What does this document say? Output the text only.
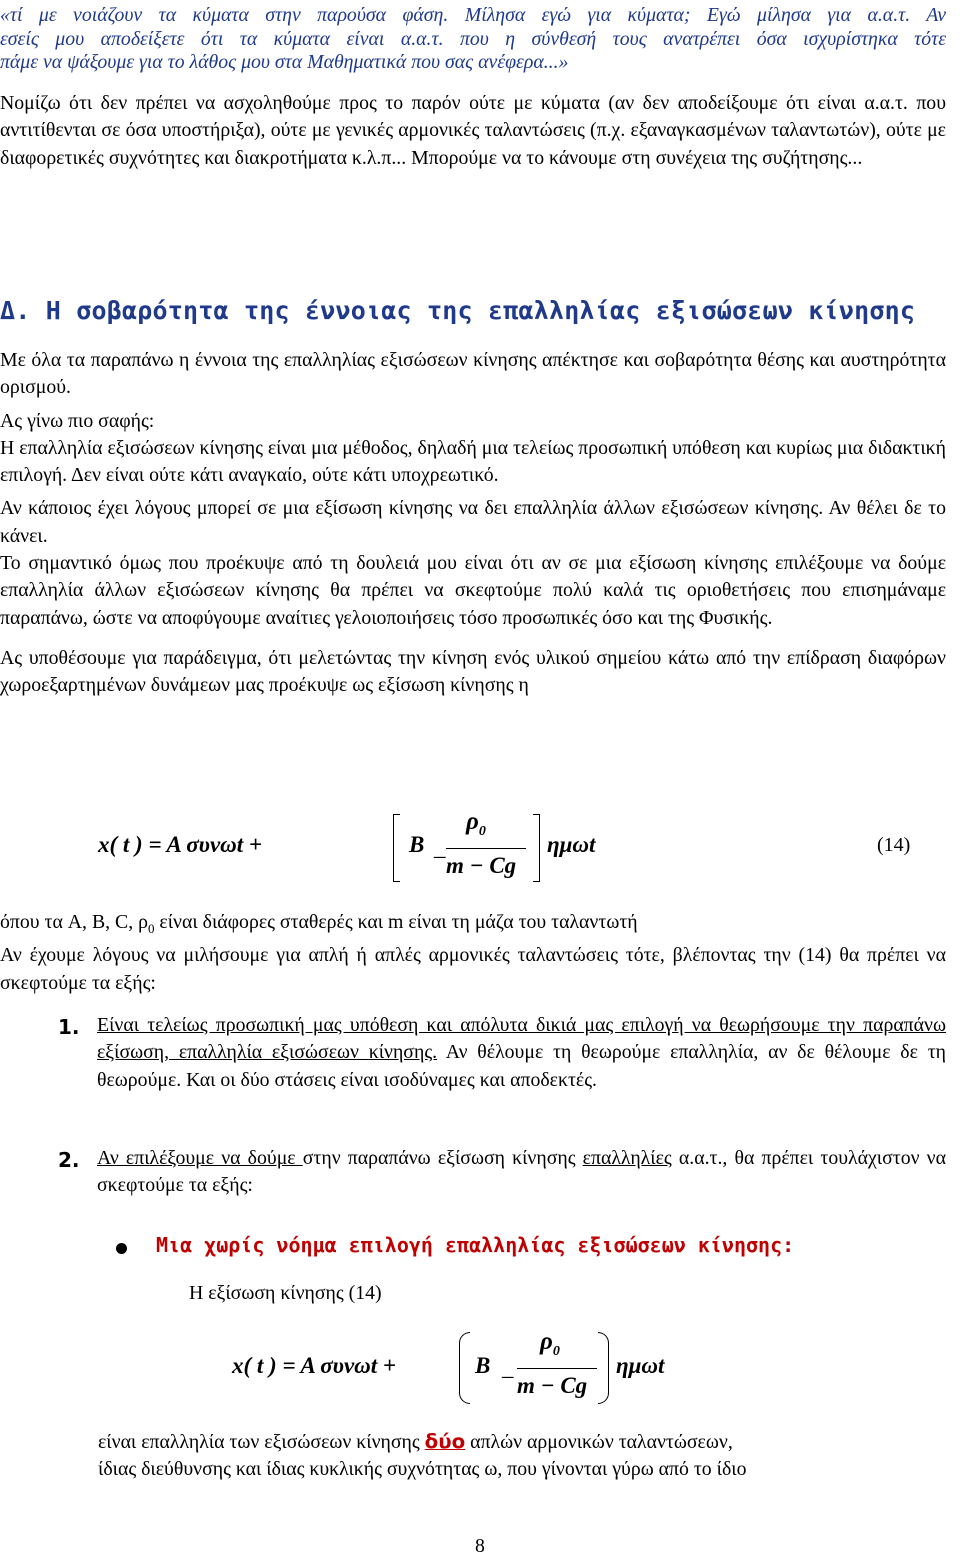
«τί με νοιάζουν τα κύματα στην παρούσα φάση. Μίλησα εγώ για κύματα; Εγώ μίλησα για α.α.τ. Αν

εσείς μου αποδείξετε ότι τα κύματα είναι α.α.τ. που η σύνθεσή τους ανατρέπει όσα ισχυρίστηκα τότε

πάμε να ψάξουμε για το λάθος μου στα Μαθηματικά που σας ανέφερα...»

Νομίζω ότι δεν πρέπει να ασχοληθούμε προς το παρόν ούτε με κύματα (αν δεν αποδείξουμε ότι είναι α.α.τ. που αντιτίθενται σε όσα υποστήριξα), ούτε με γενικές αρμονικές ταλαντώσεις (π.χ. εξαναγκασμένων ταλαντωτών), ούτε με διαφορετικές συχνότητες και διακροτήματα κ.λ.π... Μπορούμε να το κάνουμε στη συνέχεια της συζήτησης...

Δ. Η σοβαρότητα της έννοιας της επαλληλίας εξισώσεων κίνησης

Με όλα τα παραπάνω η έννοια της επαλληλίας εξισώσεων κίνησης απέκτησε και σοβαρότητα θέσης και αυστηρότητα ορισμού.

Ας γίνω πιο σαφής:

Η επαλληλία εξισώσεων κίνησης είναι μια μέθοδος, δηλαδή μια τελείως προσωπική υπόθεση και κυρίως μια διδακτική επιλογή. Δεν είναι ούτε κάτι αναγκαίο, ούτε κάτι υποχρεωτικό.

Αν κάποιος έχει λόγους μπορεί σε μια εξίσωση κίνησης να δει επαλληλία άλλων εξισώσεων κίνησης. Αν θέλει δε το κάνει.

Το σημαντικό όμως που προέκυψε από τη δουλειά μου είναι ότι αν σε μια εξίσωση κίνησης επιλέξουμε να δούμε επαλληλία άλλων εξισώσεων κίνησης θα πρέπει να σκεφτούμε πολύ καλά τις οριοθετήσεις που επισημάναμε παραπάνω, ώστε να αποφύγουμε αναίτιες γελοιοποιήσεις τόσο προσωπικές όσο και της Φυσικής.

Ας υποθέσουμε για παράδειγμα, ότι μελετώντας την κίνηση ενός υλικού σημείου κάτω από την επίδραση διαφόρων χωροεξαρτημένων δυνάμεων μας προέκυψε ως εξίσωση κίνησης η

x( t ) = A συνωt +	B –
$\rho_0$
m − Cg
ημωt	(14)

όπου τα A, B, C, $\rho_0$ είναι διάφορες σταθερές και m είναι τη μάζα του ταλαντωτή

Αν έχουμε λόγους να μιλήσουμε για απλή ή απλές αρμονικές ταλαντώσεις τότε, βλέποντας την (14) θα πρέπει να σκεφτούμε τα εξής:

1. Είναι τελείως προσωπική μας υπόθεση και απόλυτα δικιά μας επιλογή να θεωρήσουμε την παραπάνω εξίσωση, επαλληλία εξισώσεων κίνησης. Αν θέλουμε τη θεωρούμε επαλληλία, αν δε θέλουμε δε τη θεωρούμε. Και οι δύο στάσεις είναι ισοδύναμες και αποδεκτές.

2. Αν επιλέξουμε να δούμε στην παραπάνω εξίσωση κίνησης επαλληλίες α.α.τ., θα πρέπει τουλάχιστον να σκεφτούμε τα εξής:

Μια χωρίς νόημα επιλογή επαλληλίας εξισώσεων κίνησης:
Η εξίσωση κίνησης (14)
x( t ) = A συνωt +	B –
$\rho_0$
m − Cg
ημωt
είναι επαλληλία των εξισώσεων κίνησης δύο απλών αρμονικών ταλαντώσεων,
ίδιας διεύθυνσης και ίδιας κυκλικής συχνότητας ω, που γίνονται γύρω από το ίδιο
8
